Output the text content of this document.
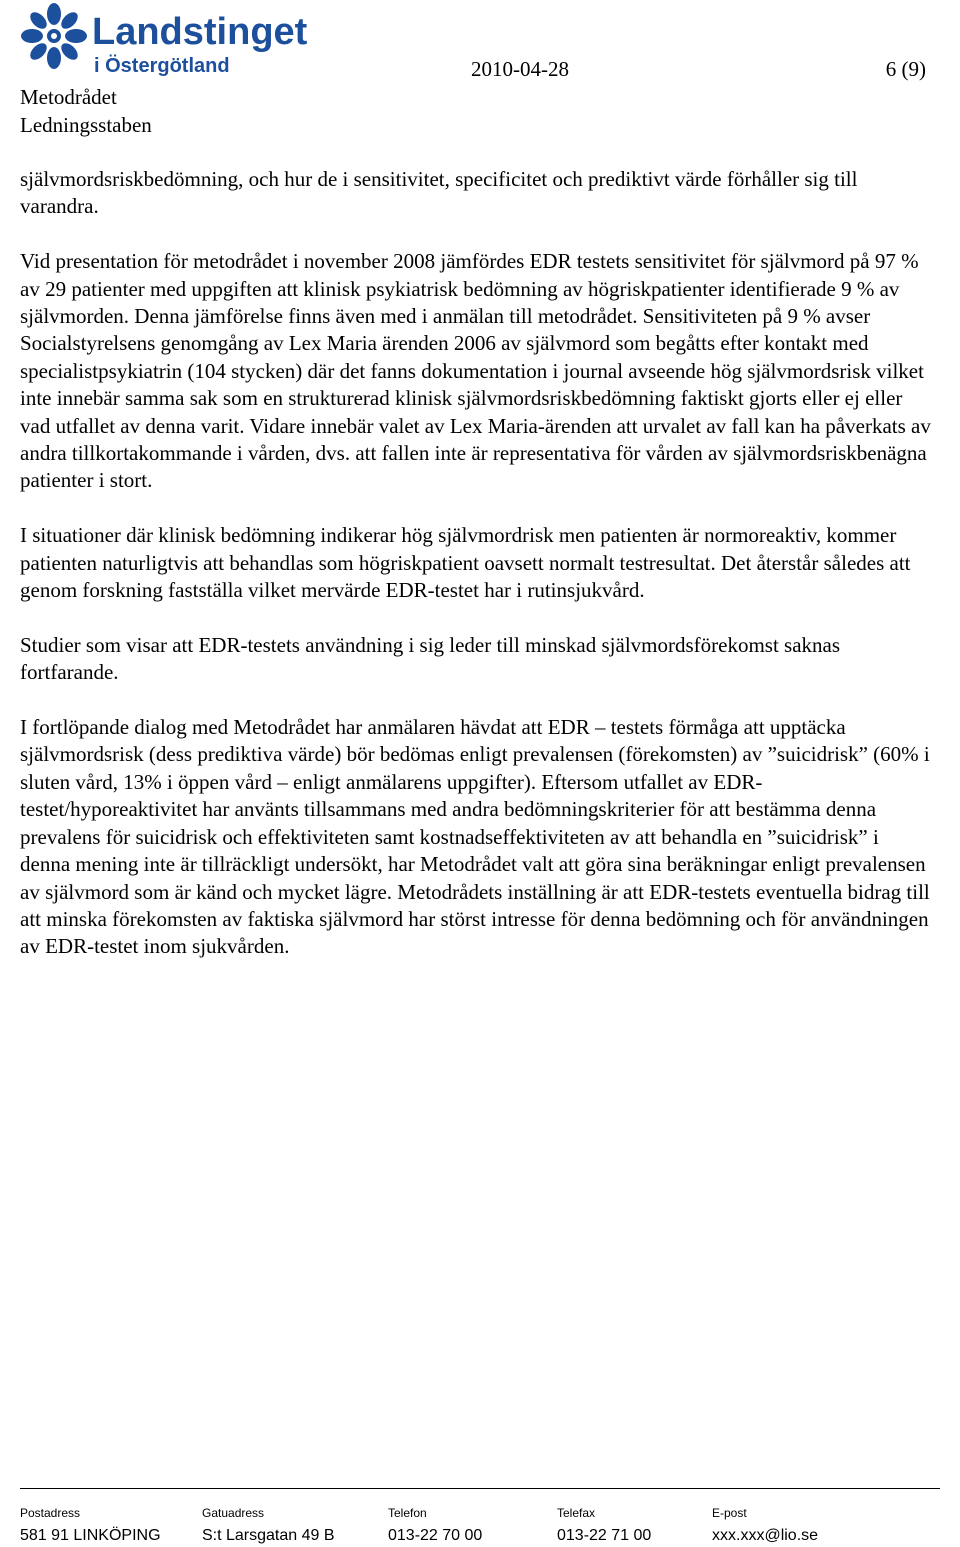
Landstinget
i Östergötland	2010-04-28	6 (9)
Metodrådet
Ledningsstaben

självmordsriskbedömning, och hur de i sensitivitet, specificitet och prediktivt värde förhåller sig till varandra.

Vid presentation för metodrådet i november 2008 jämfördes EDR testets sensitivitet för självmord på 97 % av 29 patienter med uppgiften att klinisk psykiatrisk bedömning av högriskpatienter identifierade 9 % av självmorden. Denna jämförelse finns även med i anmälan till metodrådet. Sensitiviteten på 9 % avser Socialstyrelsens genomgång av Lex Maria ärenden 2006 av självmord som begåtts efter kontakt med specialistpsykiatrin (104 stycken) där det fanns dokumentation i journal avseende hög självmordsrisk vilket inte innebär samma sak som en strukturerad klinisk självmordsriskbedömning faktiskt gjorts eller ej eller vad utfallet av denna varit. Vidare innebär valet av Lex Maria-ärenden att urvalet av fall kan ha påverkats av andra tillkortakommande i vården, dvs. att fallen inte är representativa för vården av självmordsriskbenägna patienter i stort.

I situationer där klinisk bedömning indikerar hög självmordrisk men patienten är normoreaktiv, kommer patienten naturligtvis att behandlas som högriskpatient oavsett normalt testresultat. Det återstår således att genom forskning fastställa vilket mervärde EDR-testet har i rutinsjukvård.

Studier som visar att EDR-testets användning i sig leder till minskad självmordsförekomst saknas fortfarande.

I fortlöpande dialog med Metodrådet har anmälaren hävdat att EDR – testets förmåga att upptäcka självmordsrisk (dess prediktiva värde) bör bedömas enligt prevalensen (förekomsten) av ”suicidrisk” (60% i sluten vård, 13% i öppen vård – enligt anmälarens uppgifter). Eftersom utfallet av EDR-testet/hyporeaktivitet har använts tillsammans med andra bedömningskriterier för att bestämma denna prevalens för suicidrisk och effektiviteten samt kostnadseffektiviteten av att behandla en ”suicidrisk” i denna mening inte är tillräckligt undersökt, har Metodrådet valt att göra sina beräkningar enligt prevalensen av självmord som är känd och mycket lägre. Metodrådets inställning är att EDR-testets eventuella bidrag till att minska förekomsten av faktiska självmord har störst intresse för denna bedömning och för användningen av EDR-testet inom sjukvården.

Postadress
581 91 LINKÖPING
Gatuadress
S:t Larsgatan 49 B
Telefon
013-22 70 00
Telefax
013-22 71 00
E-post
xxx.xxx@lio.se
